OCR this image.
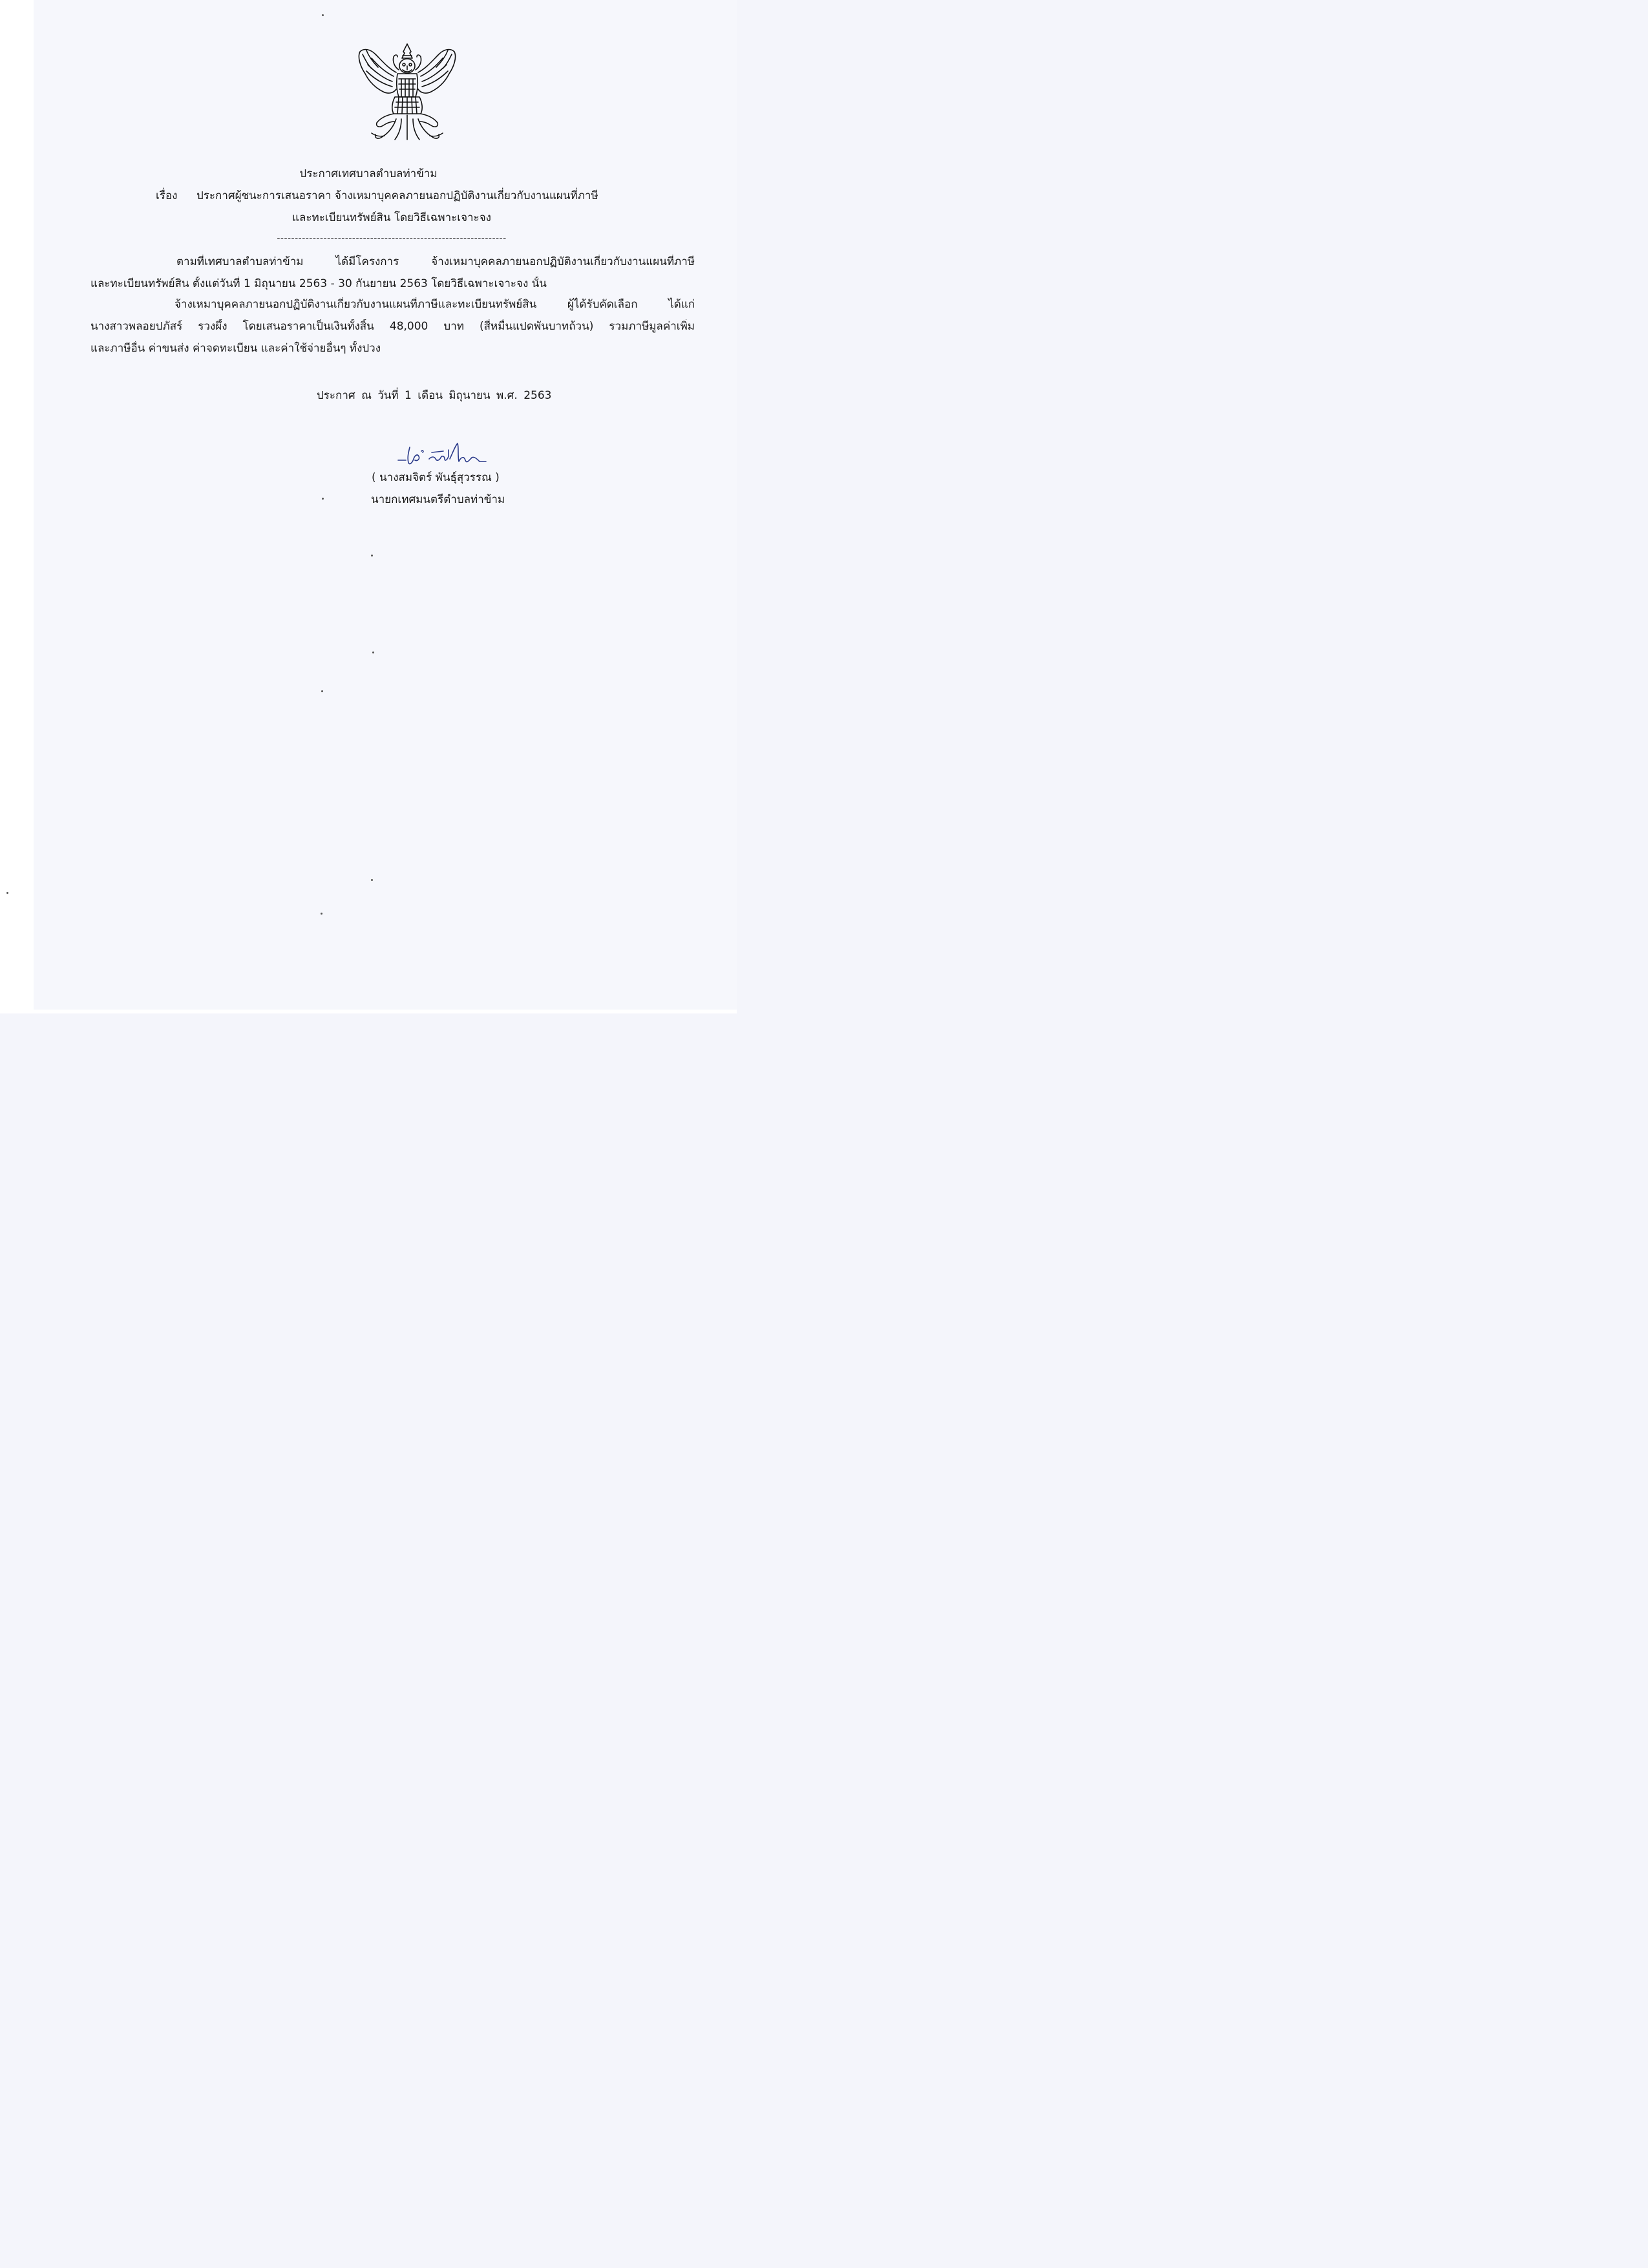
ประกาศเทศบาลตำบลท่าข้าม
เรื่อง ประกาศผู้ชนะการเสนอราคา จ้างเหมาบุคคลภายนอกปฏิบัติงานเกี่ยวกับงานแผนที่ภาษี
และทะเบียนทรัพย์สิน โดยวิธีเฉพาะเจาะจง
----------------------------------------------------------------
ตามที่เทศบาลตำบลท่าข้าม ได้มีโครงการ จ้างเหมาบุคคลภายนอกปฏิบัติงานเกี่ยวกับงานแผนที่ภาษี
และทะเบียนทรัพย์สิน ตั้งแต่วันที่ 1 มิถุนายน 2563 - 30 กันยายน 2563 โดยวิธีเฉพาะเจาะจง นั้น
จ้างเหมาบุคคลภายนอกปฏิบัติงานเกี่ยวกับงานแผนที่ภาษีและทะเบียนทรัพย์สิน ผู้ได้รับคัดเลือก ได้แก่
นางสาวพลอยปภัสร์ รวงผึ้ง โดยเสนอราคาเป็นเงินทั้งสิ้น 48,000 บาท (สี่หมื่นแปดพันบาทถ้วน) รวมภาษีมูลค่าเพิ่ม
และภาษีอื่น ค่าขนส่ง ค่าจดทะเบียน และค่าใช้จ่ายอื่นๆ ทั้งปวง
ประกาศ ณ วันที่ 1 เดือน มิถุนายน พ.ศ. 2563
( นางสมจิตร์ พันธุ์สุวรรณ )
นายกเทศมนตรีตำบลท่าข้าม
